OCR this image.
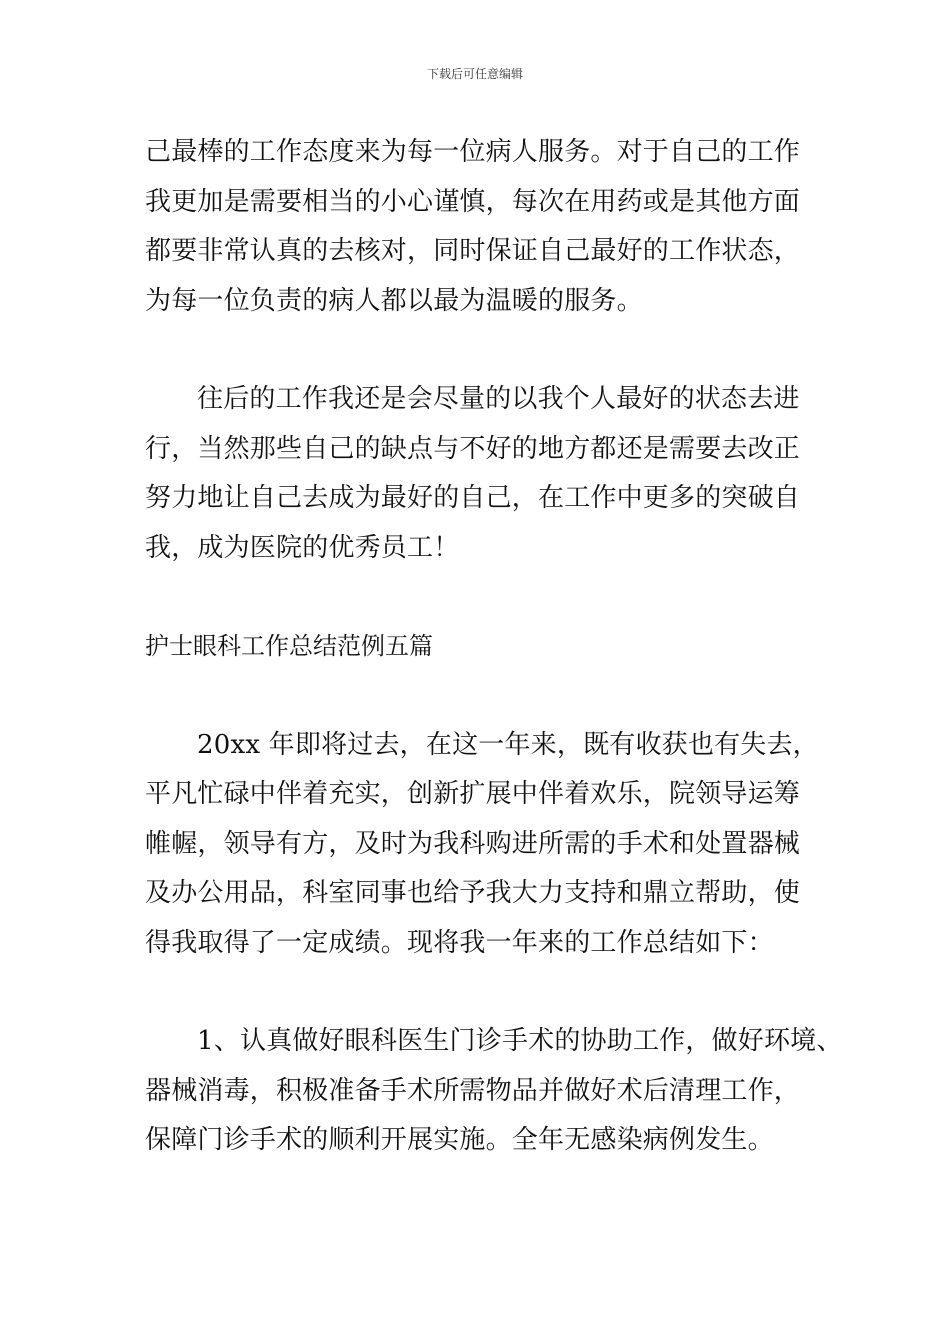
下载后可任意编辑
己最棒的工作态度来为每一位病人服务。对于自己的工作
我更加是需要相当的小心谨慎，每次在用药或是其他方面
都要非常认真的去核对，同时保证自己最好的工作状态，
为每一位负责的病人都以最为温暖的服务。
往后的工作我还是会尽量的以我个人最好的状态去进
行，当然那些自己的缺点与不好的地方都还是需要去改正
努力地让自己去成为最好的自己，在工作中更多的突破自
我，成为医院的优秀员工！
护士眼科工作总结范例五篇
20xx 年即将过去，在这一年来，既有收获也有失去，
平凡忙碌中伴着充实，创新扩展中伴着欢乐，院领导运筹
帷幄，领导有方，及时为我科购进所需的手术和处置器械
及办公用品，科室同事也给予我大力支持和鼎立帮助，使
得我取得了一定成绩。现将我一年来的工作总结如下：
1、认真做好眼科医生门诊手术的协助工作，做好环境、
器械消毒，积极准备手术所需物品并做好术后清理工作，
保障门诊手术的顺利开展实施。全年无感染病例发生。
